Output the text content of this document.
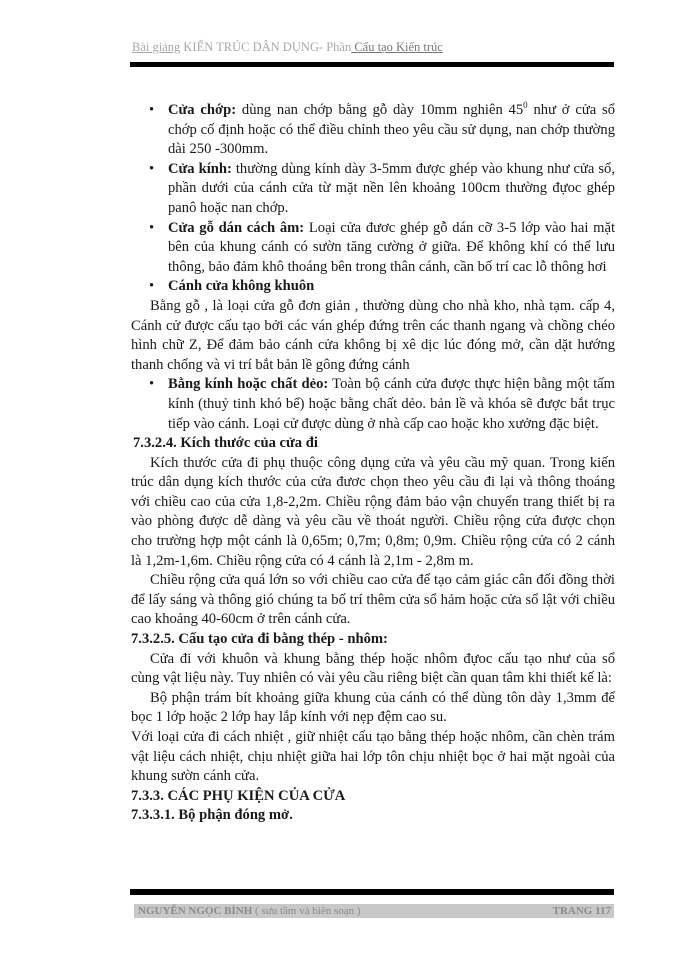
Bài giảng KIẾN TRÚC DÂN DỤNG- Phần Cấu tạo Kiến trúc

• Cửa chớp: dùng nan chớp bằng gỗ dày 10mm nghiên $45^0$ như ở cửa sổ chớp cố định hoặc có thể điều chỉnh theo yêu cầu sử dụng, nan chớp thường dài 250 -300mm.

• Cửa kính: thường dùng kính dày 3-5mm được ghép vào khung như cửa sổ, phần dưới của cánh cửa từ mặt nền lên khoảng 100cm thường đựoc ghép panô hoặc nan chớp.

• Cửa gỗ dán cách âm: Loại cửa đươc ghép gỗ dán cỡ 3-5 lớp vào hai mặt bên của khung cánh có sườn tăng cường ở giữa. Để không khí có thể lưu thông, bảo đảm khô thoáng bên trong thân cánh, cần bố trí cac lỗ thông hơi

• Cánh cửa không khuôn

Bằng gỗ , là loại cửa gỗ đơn giản , thường dùng cho nhà kho, nhà tạm. cấp 4, Cánh cử được cấu tạo bởi các ván ghép đứng trên các thanh ngang và chồng chéo hình chữ Z, Để đảm bảo cánh cửa không bị xê dịc lúc đóng mở, cần dặt hướng thanh chống và vi trí bắt bản lề gông đứng cánh

• Bằng kính hoặc chất dẻo: Toàn bộ cánh cửa được thực hiện bằng một tấm kính (thuỷ tinh khó bể) hoặc bằng chất dẻo. bản lề và khóa sẽ được bắt trục tiếp vào cánh. Loại cử được dùng ở nhà cấp cao hoặc kho xưởng đặc biệt.

7.3.2.4. Kích thước của cửa đi

Kích thước cửa đi phụ thuộc công dụng cửa và yêu cầu mỹ quan. Trong kiến trúc dân dụng kích thước của cửa đươc chọn theo yêu cầu đi lại và thông thoáng với chiều cao của cửa 1,8-2,2m. Chiều rộng đảm bảo vận chuyển trang thiết bị ra vào phòng được dễ dàng và yêu cầu về thoát người. Chiều rộng cửa được chọn cho trường hợp một cánh là 0,65m; 0,7m; 0,8m; 0,9m. Chiều rộng cửa có 2 cánh là 1,2m-1,6m. Chiều rộng cửa có 4 cánh là 2,1m - 2,8m m.

Chiều rộng cửa quá lớn so với chiều cao cửa để tạo cảm giác cân đối đồng thời để lấy sáng và thông gió chúng ta bố trí thêm cửa sổ hảm hoặc cửa sổ lật với chiều cao khoảng 40-60cm ở trên cánh cửa.

7.3.2.5. Cấu tạo cửa đi bằng thép - nhôm:

Cửa đi với khuôn và khung bằng thép hoặc nhôm đựoc cấu tạo như của sổ cùng vật liệu này. Tuy nhiên có vài yêu cầu riêng biệt cần quan tâm khi thiết kế là:

Bộ phận trám bít khoảng giữa khung của cánh có thể dùng tôn dày 1,3mm để bọc 1 lớp hoặc 2 lớp hay lắp kính với nẹp đệm cao su.

Với loại cửa đi cách nhiệt , giữ nhiệt cấu tạo bằng thép hoặc nhôm, cần chèn trám vật liệu cách nhiệt, chịu nhiệt giữa hai lớp tôn chịu nhiệt bọc ở hai mặt ngoài của khung sườn cánh cửa.

7.3.3. CÁC PHỤ KIỆN CỦA CỬA

7.3.3.1. Bộ phận đóng mở.

NGUYỄN NGỌC BÌNH ( sưu tầm và biên soạn )	TRANG 117
